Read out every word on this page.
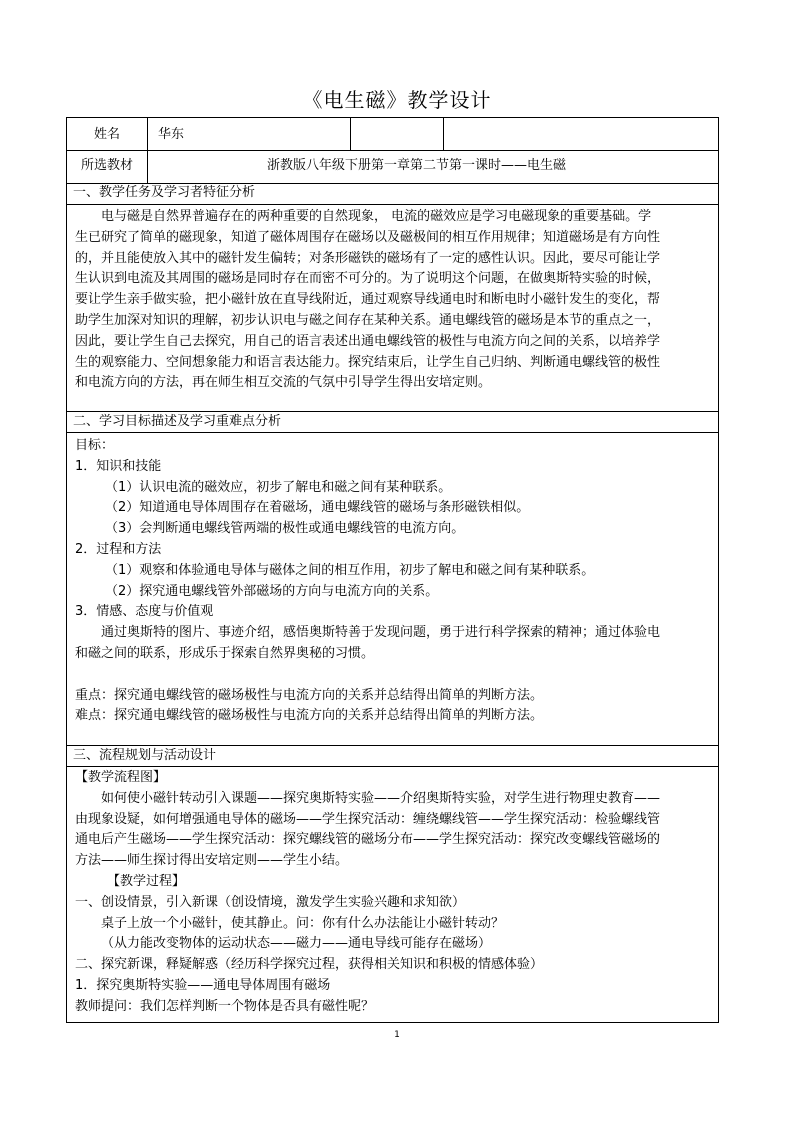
《电生磁》教学设计
姓名	华东
所选教材	浙教版八年级下册第一章第二节第一课时——电生磁
一、教学任务及学习者特征分析
电与磁是自然界普遍存在的两种重要的自然现象， 电流的磁效应是学习电磁现象的重要基础。学
生已研究了简单的磁现象，知道了磁体周围存在磁场以及磁极间的相互作用规律；知道磁场是有方向性
的，并且能使放入其中的磁针发生偏转；对条形磁铁的磁场有了一定的感性认识。因此，要尽可能让学
生认识到电流及其周围的磁场是同时存在而密不可分的。为了说明这个问题，在做奥斯特实验的时候，
要让学生亲手做实验，把小磁针放在直导线附近，通过观察导线通电时和断电时小磁针发生的变化，帮
助学生加深对知识的理解，初步认识电与磁之间存在某种关系。通电螺线管的磁场是本节的重点之一，
因此，要让学生自己去探究，用自己的语言表述出通电螺线管的极性与电流方向之间的关系，以培养学
生的观察能力、空间想象能力和语言表达能力。探究结束后，让学生自己归纳、判断通电螺线管的极性
和电流方向的方法，再在师生相互交流的气氛中引导学生得出安培定则。
二、学习目标描述及学习重难点分析
目标：
1．知识和技能
（1）认识电流的磁效应，初步了解电和磁之间有某种联系。
（2）知道通电导体周围存在着磁场，通电螺线管的磁场与条形磁铁相似。
（3）会判断通电螺线管两端的极性或通电螺线管的电流方向。
2．过程和方法
（1）观察和体验通电导体与磁体之间的相互作用，初步了解电和磁之间有某种联系。
（2）探究通电螺线管外部磁场的方向与电流方向的关系。
3．情感、态度与价值观
通过奥斯特的图片、事迹介绍，感悟奥斯特善于发现问题，勇于进行科学探索的精神；通过体验电
和磁之间的联系，形成乐于探索自然界奥秘的习惯。
重点：探究通电螺线管的磁场极性与电流方向的关系并总结得出简单的判断方法。
难点：探究通电螺线管的磁场极性与电流方向的关系并总结得出简单的判断方法。
三、流程规划与活动设计
【教学流程图】
如何使小磁针转动引入课题——探究奥斯特实验——介绍奥斯特实验，对学生进行物理史教育——
由现象设疑，如何增强通电导体的磁场——学生探究活动：缠绕螺线管——学生探究活动：检验螺线管
通电后产生磁场——学生探究活动：探究螺线管的磁场分布——学生探究活动：探究改变螺线管磁场的
方法——师生探讨得出安培定则——学生小结。
【教学过程】
一、创设情景，引入新课（创设情境，激发学生实验兴趣和求知欲）
桌子上放一个小磁针，使其静止。问：你有什么办法能让小磁针转动？
（从力能改变物体的运动状态——磁力——通电导线可能存在磁场）
二、探究新课，释疑解惑（经历科学探究过程，获得相关知识和积极的情感体验）
1．探究奥斯特实验——通电导体周围有磁场
教师提问：我们怎样判断一个物体是否具有磁性呢？
1
